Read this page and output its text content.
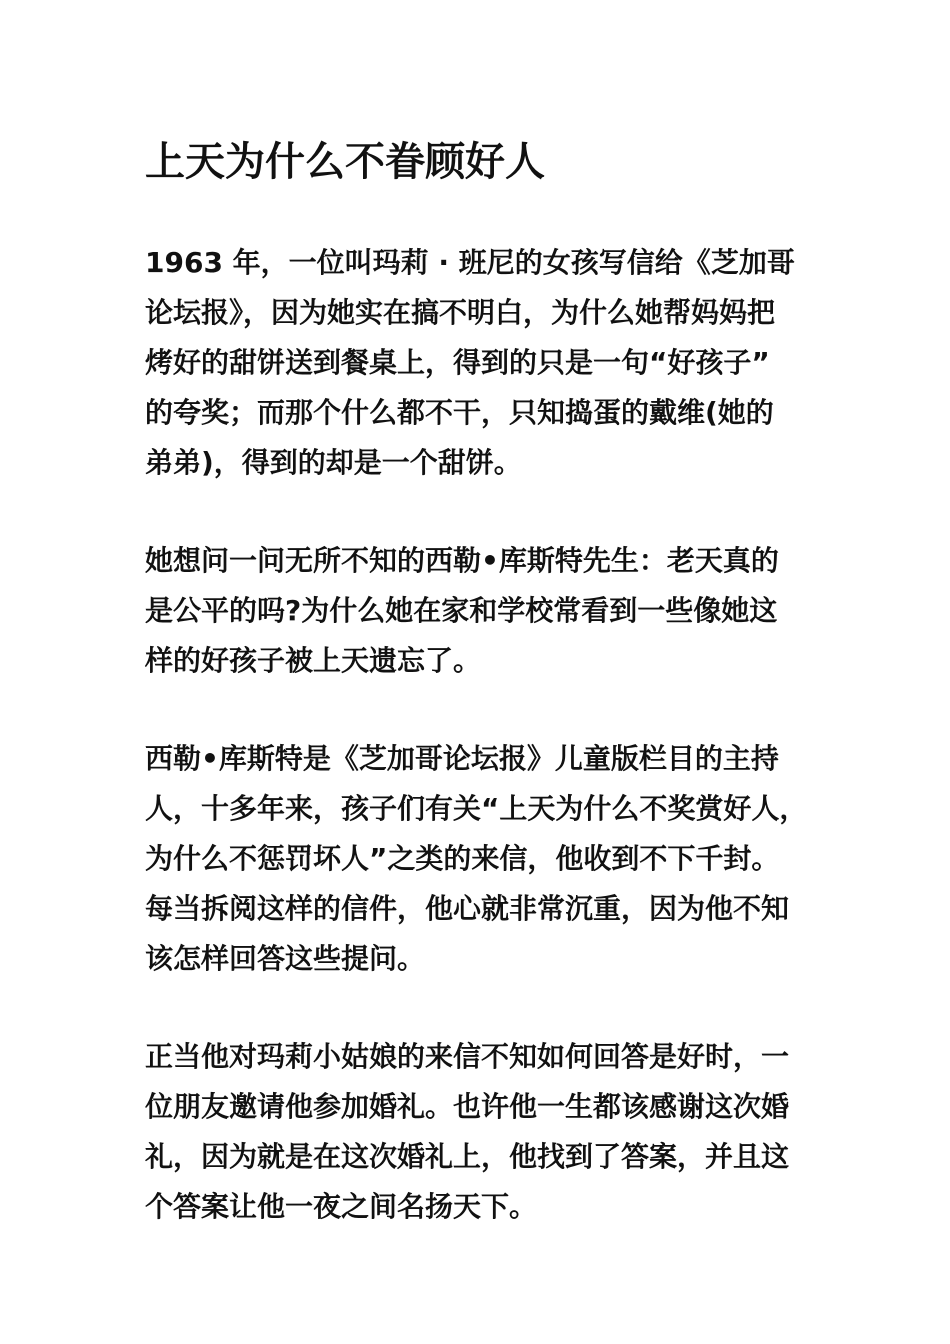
上天为什么不眷顾好人

1963 年，一位叫玛莉 · 班尼的女孩写信给《芝加哥
论坛报》，因为她实在搞不明白，为什么她帮妈妈把
烤好的甜饼送到餐桌上，得到的只是一句“好孩子”
的夸奖；而那个什么都不干，只知捣蛋的戴维(她的
弟弟)，得到的却是一个甜饼。

她想问一问无所不知的西勒•库斯特先生：老天真的
是公平的吗?为什么她在家和学校常看到一些像她这
样的好孩子被上天遗忘了。

西勒•库斯特是《芝加哥论坛报》儿童版栏目的主持
人，十多年来，孩子们有关“上天为什么不奖赏好人，
为什么不惩罚坏人”之类的来信，他收到不下千封。
每当拆阅这样的信件，他心就非常沉重，因为他不知
该怎样回答这些提问。

正当他对玛莉小姑娘的来信不知如何回答是好时，一
位朋友邀请他参加婚礼。也许他一生都该感谢这次婚
礼，因为就是在这次婚礼上，他找到了答案，并且这
个答案让他一夜之间名扬天下。
